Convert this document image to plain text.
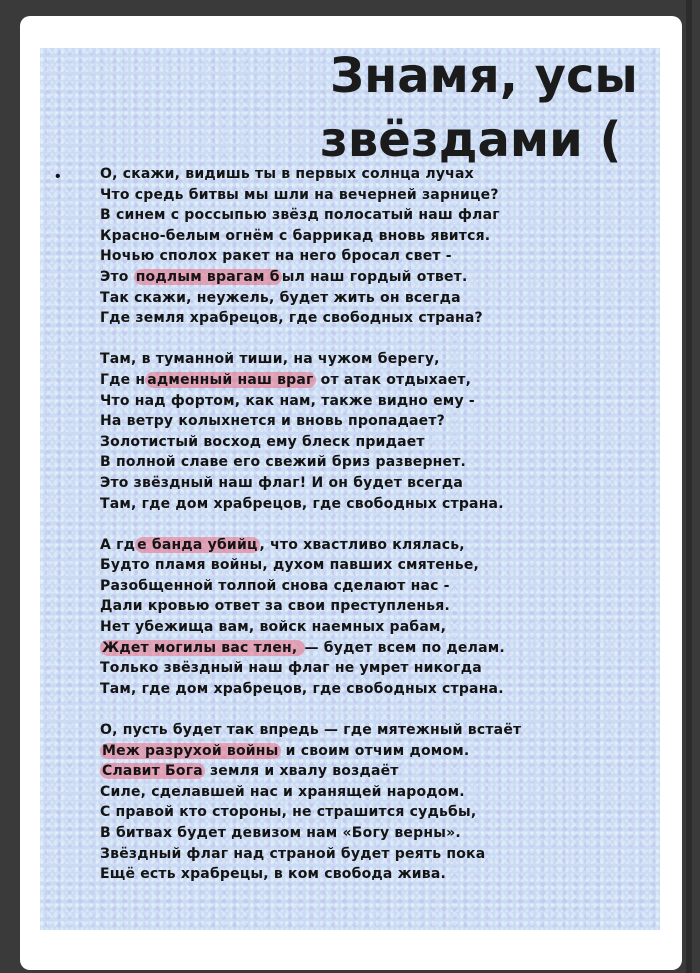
Знамя, усы
звёздами (
•	О, скажи, видишь ты в первых солнца лучах
Что средь битвы мы шли на вечерней зарнице?
В синем с россыпью звёзд полосатый наш флаг
Красно-белым огнём с баррикад вновь явится.
Ночью сполох ракет на него бросал свет -
Это подлым врагам б ыл наш гордый ответ.
Так скажи, неужель, будет жить он всегда
Где земля храбрецов, где свободных страна?
Там, в туманной тиши, на чужом берегу,
Где н адменный наш враг от атак отдыхает,
Что над фортом, как нам, также видно ему -
На ветру колыхнется и вновь пропадает?
Золотистый восход ему блеск придает
В полной славе его свежий бриз развернет.
Это звёздный наш флаг! И он будет всегда
Там, где дом храбрецов, где свободных страна.
А гд е банда убийц , что хвастливо клялась,
Будто пламя войны, духом павших смятенье,
Разобщенной толпой снова сделают нас -
Дали кровью ответ за свои преступленья.
Нет убежища вам, войск наемных рабам,
Ждет могилы вас тлен, — будет всем по делам.
Только звёздный наш флаг не умрет никогда
Там, где дом храбрецов, где свободных страна.
О, пусть будет так впредь — где мятежный встаёт
Меж разрухой войны и своим отчим домом.
Славит Бога земля и хвалу воздаёт
Силе, сделавшей нас и хранящей народом.
С правой кто стороны, не страшится судьбы,
В битвах будет девизом нам «Богу верны».
Звёздный флаг над страной будет реять пока
Ещё есть храбрецы, в ком свобода жива.
